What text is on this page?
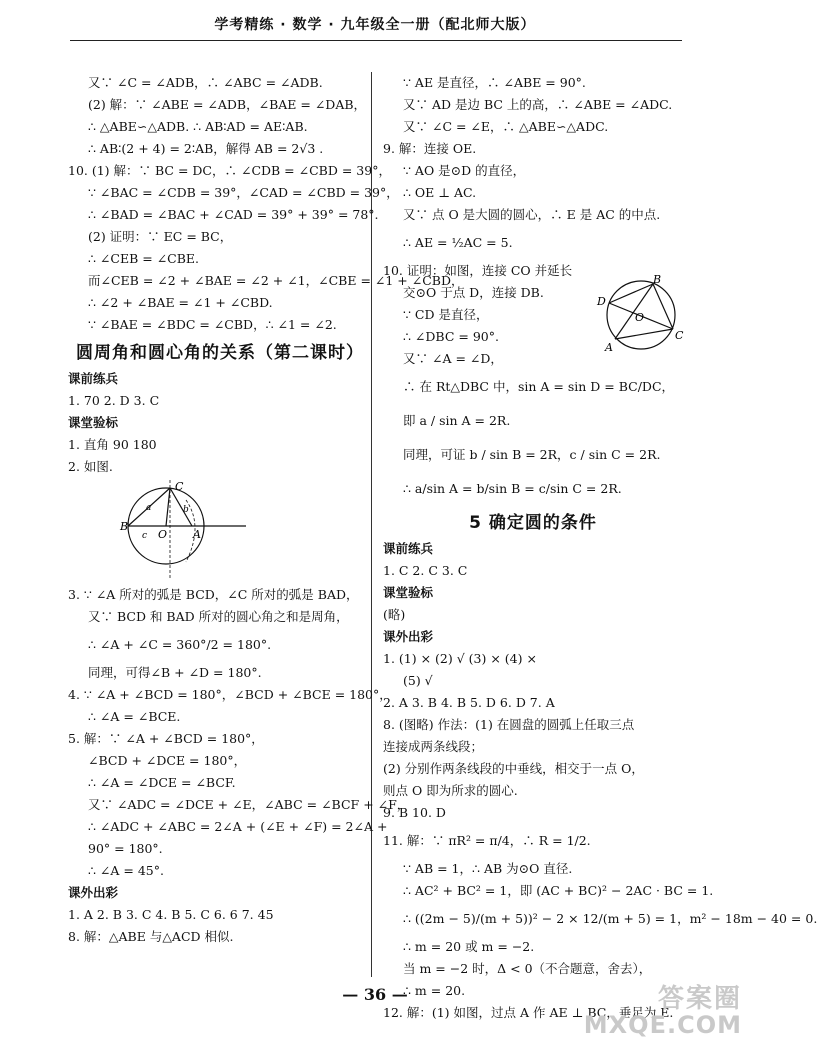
学考精练 · 数学 · 九年级全一册（配北师大版）
又∵ ∠C = ∠ADB，∴ ∠ABC = ∠ADB.
(2) 解：∵ ∠ABE = ∠ADB，∠BAE = ∠DAB，
∴ △ABE∽△ADB. ∴ AB∶AD = AE∶AB.
∴ AB∶(2 + 4) = 2∶AB，解得 AB = 2√3 .
10. (1) 解：∵ BC = DC，∴ ∠CDB = ∠CBD = 39°，
∵ ∠BAC = ∠CDB = 39°，∠CAD = ∠CBD = 39°，
∴ ∠BAD = ∠BAC + ∠CAD = 39° + 39° = 78°.
(2) 证明：∵ EC = BC，
∴ ∠CEB = ∠CBE.
而∠CEB = ∠2 + ∠BAE = ∠2 + ∠1，∠CBE = ∠1 + ∠CBD，
∴ ∠2 + ∠BAE = ∠1 + ∠CBD.
∵ ∠BAE = ∠BDC = ∠CBD，∴ ∠1 = ∠2.
圆周角和圆心角的关系（第二课时）
课前练兵
1. 70 2. D 3. C
课堂验标
1. 直角 90 180
2. 如图.
B
C
O A
a	b
c
3. ∵ ∠A 所对的弧是 BCD，∠C 所对的弧是 BAD，
又∵ BCD 和 BAD 所对的圆心角之和是周角，
∴ ∠A + ∠C = 360°/2 = 180°.
同理，可得∠B + ∠D = 180°.
4. ∵ ∠A + ∠BCD = 180°，∠BCD + ∠BCE = 180°，
∴ ∠A = ∠BCE.
5. 解：∵ ∠A + ∠BCD = 180°，
∠BCD + ∠DCE = 180°，
∴ ∠A = ∠DCE = ∠BCF.
又∵ ∠ADC = ∠DCE + ∠E，∠ABC = ∠BCF + ∠F，
∴ ∠ADC + ∠ABC = 2∠A + (∠E + ∠F) = 2∠A +
90° = 180°.
∴ ∠A = 45°.
课外出彩
1. A 2. B 3. C 4. B 5. C 6. 6 7. 45
8. 解：△ABE 与△ACD 相似.
∵ AE 是直径，∴ ∠ABE = 90°.
又∵ AD 是边 BC 上的高，∴ ∠ABE = ∠ADC.
又∵ ∠C = ∠E，∴ △ABE∽△ADC.
9. 解：连接 OE.
∵ AO 是⊙D 的直径，
∴ OE ⊥ AC.
又∵ 点 O 是大圆的圆心，∴ E 是 AC 的中点.
∴ AE = ½AC = 5.
10. 证明：如图，连接 CO 并延长
交⊙O 于点 D，连接 DB.
∵ CD 是直径，
∴ ∠DBC = 90°.
又∵ ∠A = ∠D，
∴ 在 Rt△DBC 中，sin A = sin D = BC/DC，
即 a / sin A = 2R.
同理，可证 b / sin B = 2R，c / sin C = 2R.
∴ a/sin A = b/sin B = c/sin C = 2R.
5 确定圆的条件
课前练兵
1. C 2. C 3. C
课堂验标
(略)
课外出彩
1. (1) × (2) √ (3) × (4) ×
(5) √
2. A 3. B 4. B 5. D 6. D 7. A
8. (图略) 作法：(1) 在圆盘的圆弧上任取三点
连接成两条线段；
(2) 分别作两条线段的中垂线，相交于一点 O，
则点 O 即为所求的圆心.
9. B 10. D
11. 解：∵ πR² = π/4，∴ R = 1/2.
∵ AB = 1，∴ AB 为⊙O 直径.
∴ AC² + BC² = 1，即 (AC + BC)² − 2AC · BC = 1.
∴ ((2m − 5)/(m + 5))² − 2 × 12/(m + 5) = 1，m² − 18m − 40 = 0.
∴ m = 20 或 m = −2.
当 m = −2 时，Δ < 0（不合题意，舍去），
∴ m = 20.
12. 解：(1) 如图，过点 A 作 AE ⊥ BC，垂足为 E.
D
B
O
A
C
— 36 —	答案圈
MXQE.COM
